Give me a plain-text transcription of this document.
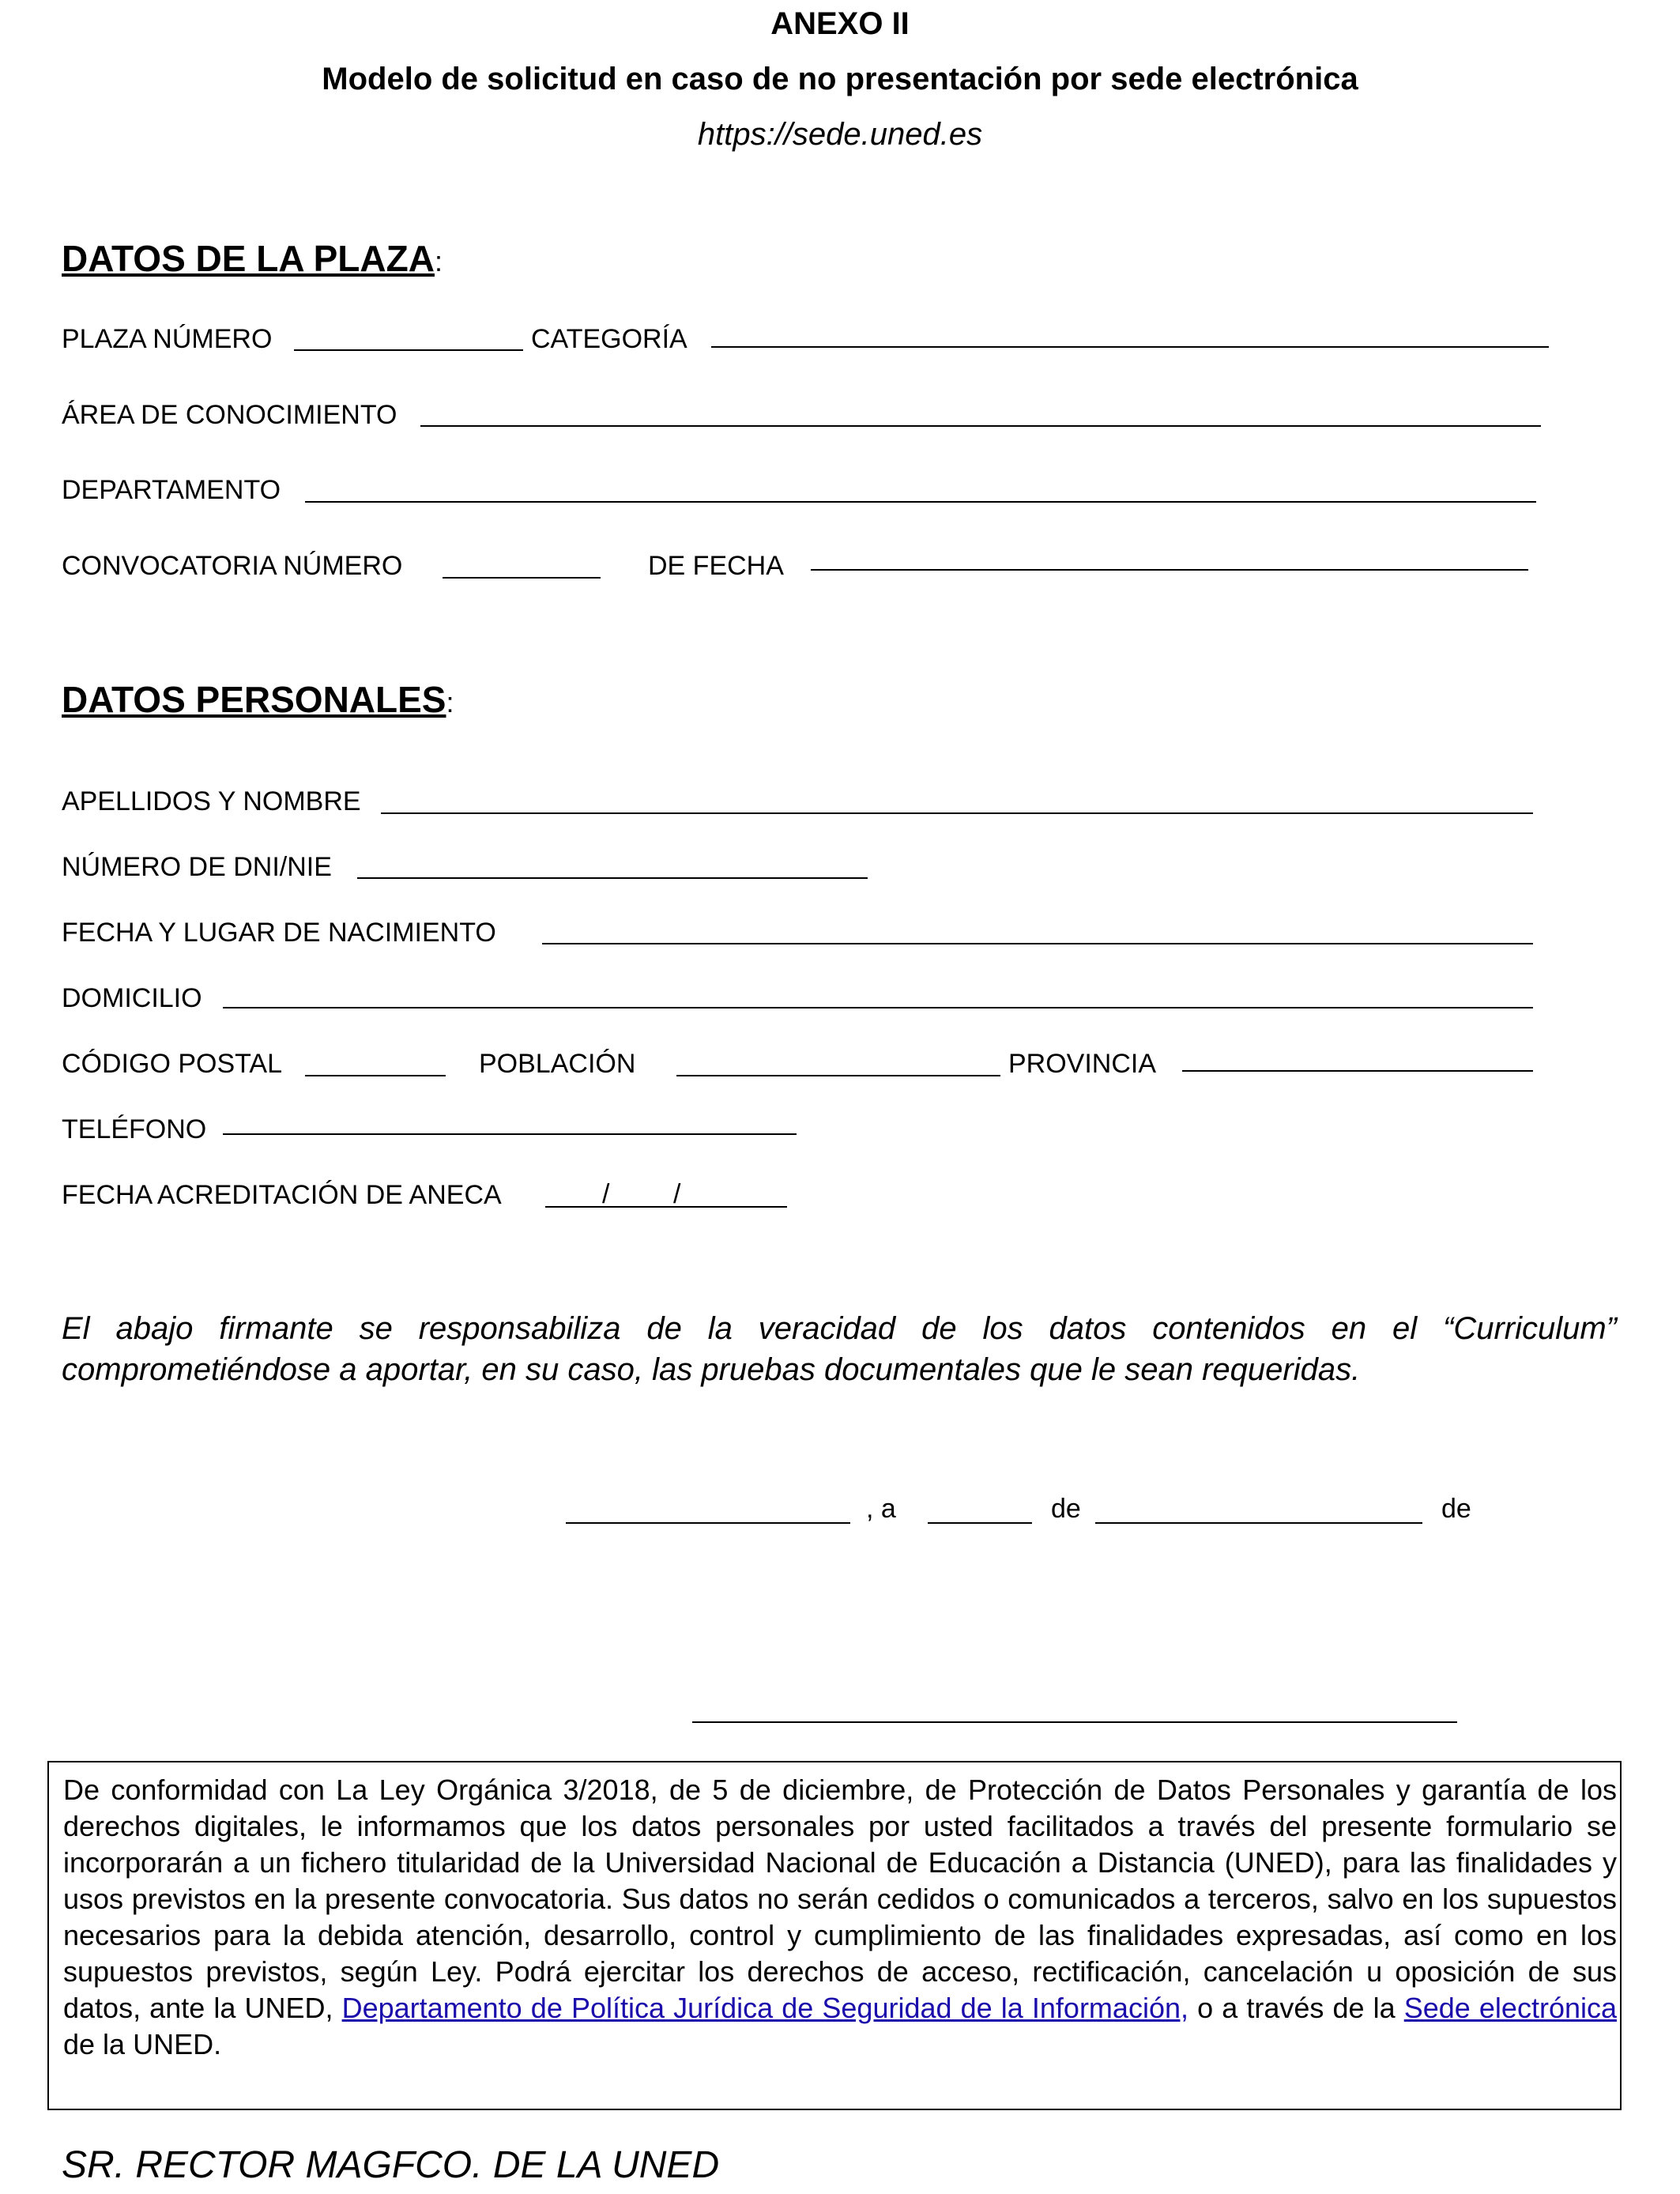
ANEXO II
Modelo de solicitud en caso de no presentación por sede electrónica
https://sede.uned.es
DATOS DE LA PLAZA:
PLAZA NÚMERO	CATEGORÍA
ÁREA DE CONOCIMIENTO
DEPARTAMENTO
CONVOCATORIA NÚMERO	DE FECHA
DATOS PERSONALES:
APELLIDOS Y NOMBRE
NÚMERO DE DNI/NIE
FECHA Y LUGAR DE NACIMIENTO
DOMICILIO
CÓDIGO POSTAL	POBLACIÓN	PROVINCIA
TELÉFONO
FECHA ACREDITACIÓN DE ANECA	/ /
El abajo firmante se responsabiliza de la veracidad de los datos contenidos en el “Curriculum” comprometiéndose a aportar, en su caso, las pruebas documentales que le sean requeridas.
, a	de	de
De conformidad con La Ley Orgánica 3/2018, de 5 de diciembre, de Protección de Datos Personales y garantía de los derechos digitales, le informamos que los datos personales por usted facilitados a través del presente formulario se incorporarán a un fichero titularidad de la Universidad Nacional de Educación a Distancia (UNED), para las finalidades y usos previstos en la presente convocatoria. Sus datos no serán cedidos o comunicados a terceros, salvo en los supuestos necesarios para la debida atención, desarrollo, control y cumplimiento de las finalidades expresadas, así como en los supuestos previstos, según Ley. Podrá ejercitar los derechos de acceso, rectificación, cancelación u oposición de sus datos, ante la UNED, Departamento de Política Jurídica de Seguridad de la Información, o a través de la Sede electrónica de la UNED.
SR. RECTOR MAGFCO. DE LA UNED
